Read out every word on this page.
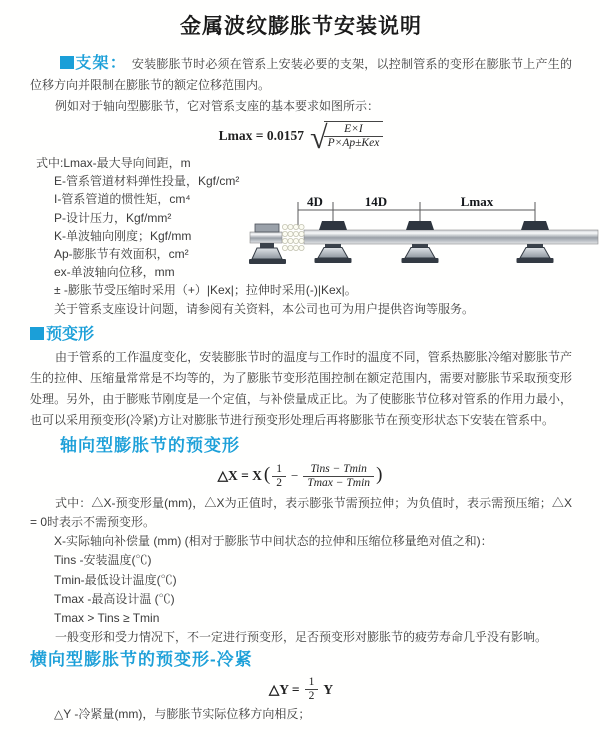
金属波纹膨胀节安装说明

支架： 安装膨胀节时必须在管系上安装必要的支架，以控制管系的变形在膨胀节上产生的位移方向并限制在膨胀节的额定位移范围内。

例如对于轴向型膨胀节，它对管系支座的基本要求如图所示：

Lmax = 0.0157 √
$\frac{E\times I}{\text{P×Ap±Kex}}$
式中:Lmax-最大导向间距，m
E-管系管道材料弹性投量，Kgf/cm²
I-管系管道的惯性矩，cm⁴
P-设计压力，Kgf/mm²
K-单波轴向刚度；Kgf/mm
Ap-膨胀节有效面积，cm²
ex-单波轴向位移，mm
± -膨胀节受压缩时采用（+）|Kex|；拉伸时采用(-)|Kex|。
关于管系支座设计问题，请参阅有关资料，本公司也可为用户提供咨询等服务。
4D	14D	Lmax
预变形

由于管系的工作温度变化，安装膨胀节时的温度与工作时的温度不同，管系热膨胀冷缩对膨胀节产生的拉伸、压缩量常常是不均等的，为了膨胀节变形范围控制在额定范围内，需要对膨胀节采取预变形处理。另外，由于膨账节刚度是一个定值，与补偿量成正比。为了使膨胀节位移对管系的作用力最小，也可以采用预变形(冷紧)方让对膨胀节进行预变形处理后再将膨胀节在预变形状态下安装在管系中。

轴向型膨胀节的预变形
△X = X ( $\frac{1}{2} - \frac{\text{Tins − Tmin}}{Tmax - Tmin}$ )

式中：△X-预变形量(mm)，△X为正值时，表示膨张节需预拉伸；为负值时，表示需预压缩；△X = 0时表示不需预变形。

X-实际轴向补偿量 (mm) (相对于膨胀节中间状态的拉伸和压缩位移量绝对值之和)：
Tins -安装温度(℃)
Tmin-最低设计温度(℃)
Tmax -最高设计温 (℃)
Tmax > Tins ≥ Tmin

一般变形和受力情况下，不一定进行预变形，足否预变形对膨胀节的疲劳寿命几乎没有影响。

横向型膨胀节的预变形-冷紧
△Y = $\frac{1}{2}$ Y

△Y -冷紧量(mm)，与膨胀节实际位移方向相反；
